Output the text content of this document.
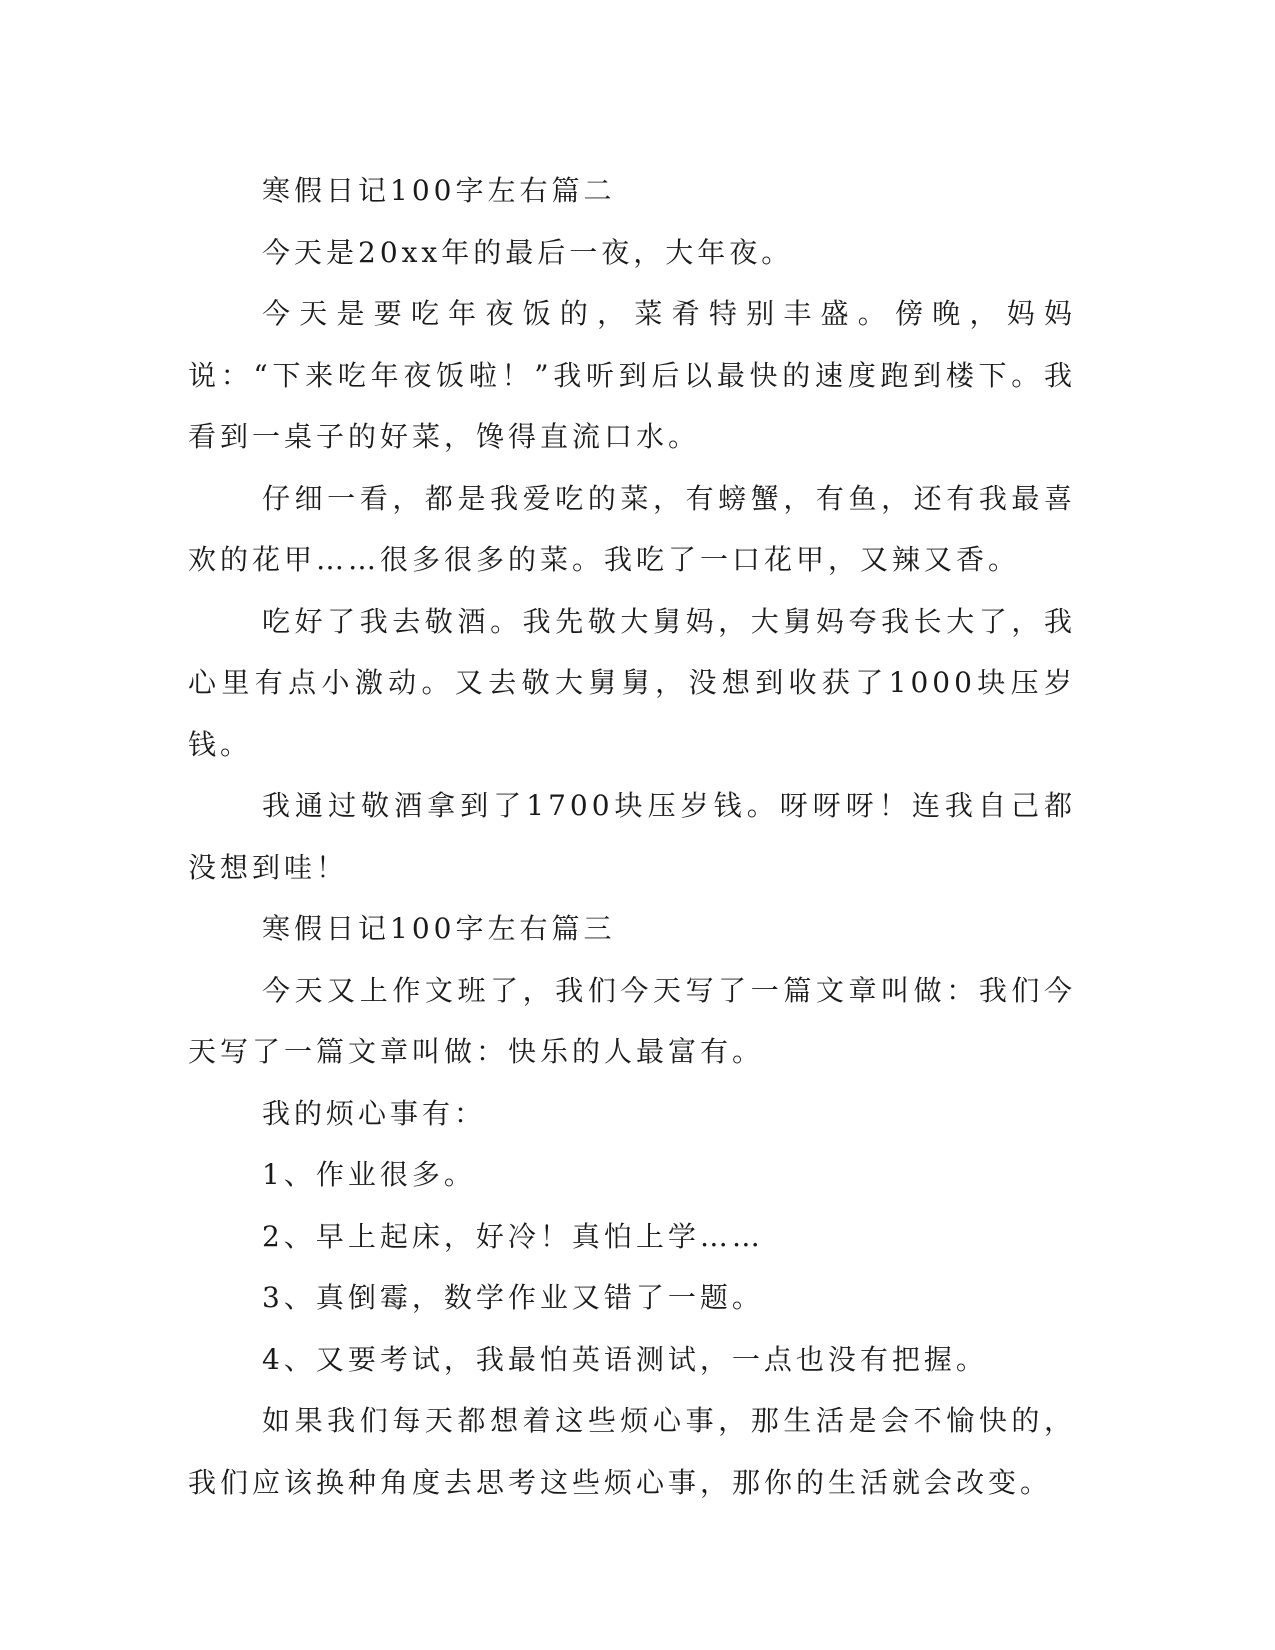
寒假日记100字左右篇二

今天是20xx年的最后一夜，大年夜。

今天是要吃年夜饭的，菜肴特别丰盛。傍晚，妈妈说：“下来吃年夜饭啦！”我听到后以最快的速度跑到楼下。我看到一桌子的好菜，馋得直流口水。

仔细一看，都是我爱吃的菜，有螃蟹，有鱼，还有我最喜欢的花甲……很多很多的菜。我吃了一口花甲，又辣又香。

吃好了我去敬酒。我先敬大舅妈，大舅妈夸我长大了，我心里有点小激动。又去敬大舅舅，没想到收获了1000块压岁钱。

我通过敬酒拿到了1700块压岁钱。呀呀呀！连我自己都没想到哇！

寒假日记100字左右篇三

今天又上作文班了，我们今天写了一篇文章叫做：我们今天写了一篇文章叫做：快乐的人最富有。

我的烦心事有：

1、作业很多。

2、早上起床，好冷！真怕上学……

3、真倒霉，数学作业又错了一题。

4、又要考试，我最怕英语测试，一点也没有把握。

如果我们每天都想着这些烦心事，那生活是会不愉快的，我们应该换种角度去思考这些烦心事，那你的生活就会改变。
